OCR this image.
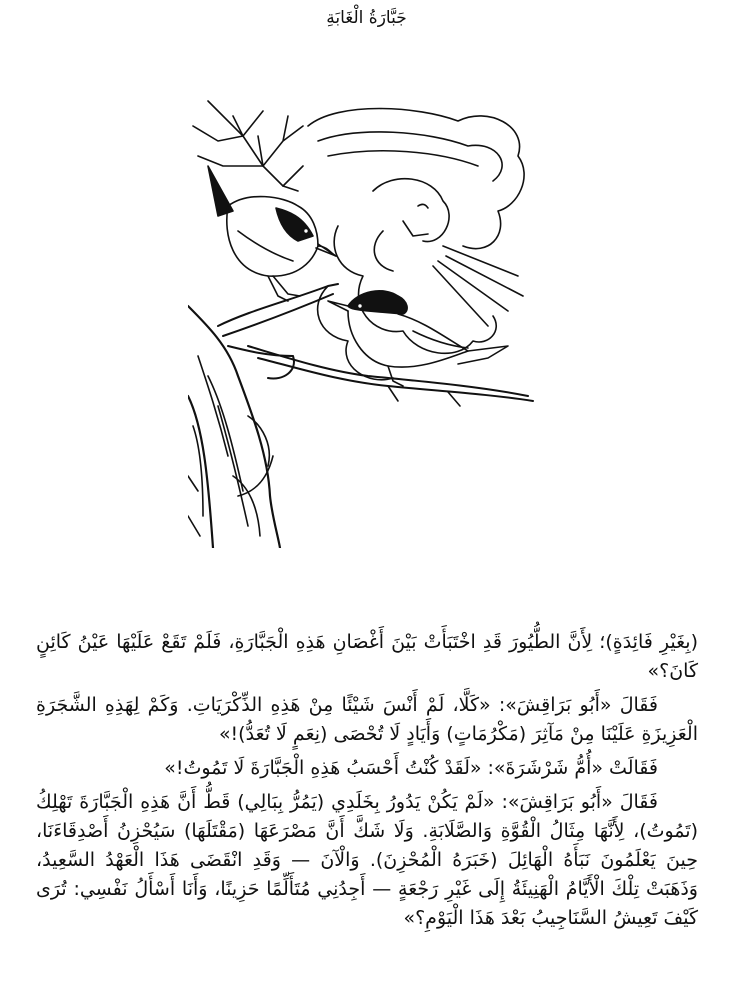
جَبَّارَةُ الْغَابَةِ

(بِغَيْرِ فَائِدَةٍ)؛ لِأَنَّ الطُّيُورَ قَدِ اخْتَبَأَتْ بَيْنَ أَغْصَانِ هَذِهِ الْجَبَّارَةِ، فَلَمْ تَقَعْ عَلَيْهَا عَيْنُ كَائِنٍ كَانَ؟»

فَقَالَ «أَبُو بَرَاقِشَ»: «كَلَّا، لَمْ أَنْسَ شَيْئًا مِنْ هَذِهِ الذِّكْرَيَاتِ. وَكَمْ لِهَذِهِ الشَّجَرَةِ الْعَزِيزَةِ عَلَيْنَا مِنْ مَآثِرَ (مَكْرُمَاتٍ) وَأَيَادٍ لَا تُحْصَى (نِعَمٍ لَا تُعَدُّ)!»

فَقَالَتْ «أُمُّ شَرْشَرَةَ»: «لَقَدْ كُنْتُ أَحْسَبُ هَذِهِ الْجَبَّارَةَ لَا تَمُوتُ!»

فَقَالَ «أَبُو بَرَاقِشَ»: «لَمْ يَكُنْ يَدُورُ بِخَلَدِي (يَمُرُّ بِبَالِي) قَطُّ أَنَّ هَذِهِ الْجَبَّارَةَ تَهْلِكُ (تَمُوتُ)، لِأَنَّهَا مِثَالُ الْقُوَّةِ وَالصَّلَابَةِ. وَلَا شَكَّ أَنَّ مَصْرَعَهَا (مَقْتَلَهَا) سَيُحْزِنُ أَصْدِقَاءَنَا، حِينَ يَعْلَمُونَ نَبَأَهُ الْهَائِلَ (خَبَرَهُ الْمُحْزِنَ). وَالْآنَ — وَقَدِ انْقَضَى هَذَا الْعَهْدُ السَّعِيدُ، وَذَهَبَتْ تِلْكَ الْأَيَّامُ الْهَنِيئَةُ إِلَى غَيْرِ رَجْعَةٍ — أَجِدُنِي مُتَأَلِّمًا حَزِينًا، وَأَنَا أَسْأَلُ نَفْسِي: تُرَى كَيْفَ تَعِيشُ السَّنَاجِيبُ بَعْدَ هَذَا الْيَوْمِ؟»
